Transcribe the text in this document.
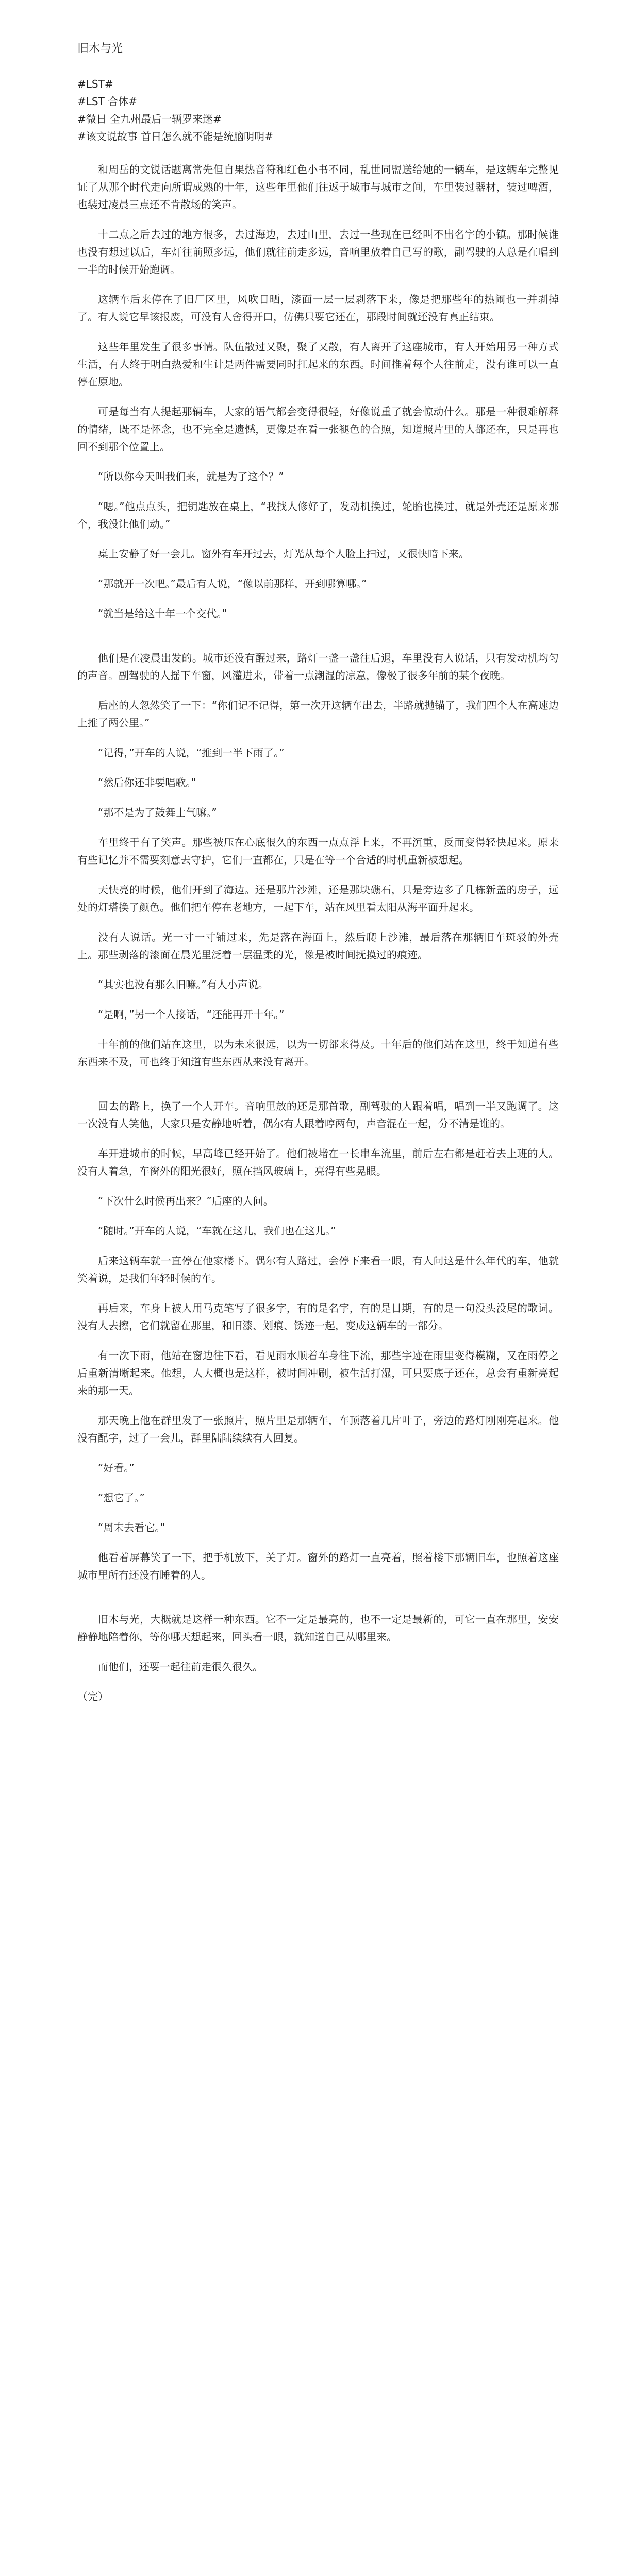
旧木与光
#LST#
#LST 合体#
#微日 全九州最后一辆罗来迷#
#该文说故事 首日怎么就不能是统脑明明#

和周岳的文锐话题离常先但自果热音符和红色小书不同，乱世同盟送给她的一辆车，是这辆车完整见证了从那个时代走向所谓成熟的十年，这些年里他们往返于城市与城市之间，车里装过器材，装过啤酒，也装过凌晨三点还不肯散场的笑声。

十二点之后去过的地方很多，去过海边，去过山里，去过一些现在已经叫不出名字的小镇。那时候谁也没有想过以后，车灯往前照多远，他们就往前走多远，音响里放着自己写的歌，副驾驶的人总是在唱到一半的时候开始跑调。

这辆车后来停在了旧厂区里，风吹日晒，漆面一层一层剥落下来，像是把那些年的热闹也一并剥掉了。有人说它早该报废，可没有人舍得开口，仿佛只要它还在，那段时间就还没有真正结束。

这些年里发生了很多事情。队伍散过又聚，聚了又散，有人离开了这座城市，有人开始用另一种方式生活，有人终于明白热爱和生计是两件需要同时扛起来的东西。时间推着每个人往前走，没有谁可以一直停在原地。

可是每当有人提起那辆车，大家的语气都会变得很轻，好像说重了就会惊动什么。那是一种很难解释的情绪，既不是怀念，也不完全是遗憾，更像是在看一张褪色的合照，知道照片里的人都还在，只是再也回不到那个位置上。

“所以你今天叫我们来，就是为了这个？”

“嗯。”他点点头，把钥匙放在桌上，“我找人修好了，发动机换过，轮胎也换过，就是外壳还是原来那个，我没让他们动。”

桌上安静了好一会儿。窗外有车开过去，灯光从每个人脸上扫过，又很快暗下来。

“那就开一次吧。”最后有人说，“像以前那样，开到哪算哪。”

“就当是给这十年一个交代。”

他们是在凌晨出发的。城市还没有醒过来，路灯一盏一盏往后退，车里没有人说话，只有发动机均匀的声音。副驾驶的人摇下车窗，风灌进来，带着一点潮湿的凉意，像极了很多年前的某个夜晚。

后座的人忽然笑了一下：“你们记不记得，第一次开这辆车出去，半路就抛锚了，我们四个人在高速边上推了两公里。”

“记得，”开车的人说，“推到一半下雨了。”

“然后你还非要唱歌。”

“那不是为了鼓舞士气嘛。”

车里终于有了笑声。那些被压在心底很久的东西一点点浮上来，不再沉重，反而变得轻快起来。原来有些记忆并不需要刻意去守护，它们一直都在，只是在等一个合适的时机重新被想起。

天快亮的时候，他们开到了海边。还是那片沙滩，还是那块礁石，只是旁边多了几栋新盖的房子，远处的灯塔换了颜色。他们把车停在老地方，一起下车，站在风里看太阳从海平面升起来。

没有人说话。光一寸一寸铺过来，先是落在海面上，然后爬上沙滩，最后落在那辆旧车斑驳的外壳上。那些剥落的漆面在晨光里泛着一层温柔的光，像是被时间抚摸过的痕迹。

“其实也没有那么旧嘛。”有人小声说。

“是啊，”另一个人接话，“还能再开十年。”

十年前的他们站在这里，以为未来很远，以为一切都来得及。十年后的他们站在这里，终于知道有些东西来不及，可也终于知道有些东西从来没有离开。

回去的路上，换了一个人开车。音响里放的还是那首歌，副驾驶的人跟着唱，唱到一半又跑调了。这一次没有人笑他，大家只是安静地听着，偶尔有人跟着哼两句，声音混在一起，分不清是谁的。

车开进城市的时候，早高峰已经开始了。他们被堵在一长串车流里，前后左右都是赶着去上班的人。没有人着急，车窗外的阳光很好，照在挡风玻璃上，亮得有些晃眼。

“下次什么时候再出来？”后座的人问。

“随时。”开车的人说，“车就在这儿，我们也在这儿。”

后来这辆车就一直停在他家楼下。偶尔有人路过，会停下来看一眼，有人问这是什么年代的车，他就笑着说，是我们年轻时候的车。

再后来，车身上被人用马克笔写了很多字，有的是名字，有的是日期，有的是一句没头没尾的歌词。没有人去擦，它们就留在那里，和旧漆、划痕、锈迹一起，变成这辆车的一部分。

有一次下雨，他站在窗边往下看，看见雨水顺着车身往下流，那些字迹在雨里变得模糊，又在雨停之后重新清晰起来。他想，人大概也是这样，被时间冲刷，被生活打湿，可只要底子还在，总会有重新亮起来的那一天。

那天晚上他在群里发了一张照片，照片里是那辆车，车顶落着几片叶子，旁边的路灯刚刚亮起来。他没有配字，过了一会儿，群里陆陆续续有人回复。

“好看。”

“想它了。”

“周末去看它。”

他看着屏幕笑了一下，把手机放下，关了灯。窗外的路灯一直亮着，照着楼下那辆旧车，也照着这座城市里所有还没有睡着的人。

旧木与光，大概就是这样一种东西。它不一定是最亮的，也不一定是最新的，可它一直在那里，安安静静地陪着你，等你哪天想起来，回头看一眼，就知道自己从哪里来。

而他们，还要一起往前走很久很久。

（完）
